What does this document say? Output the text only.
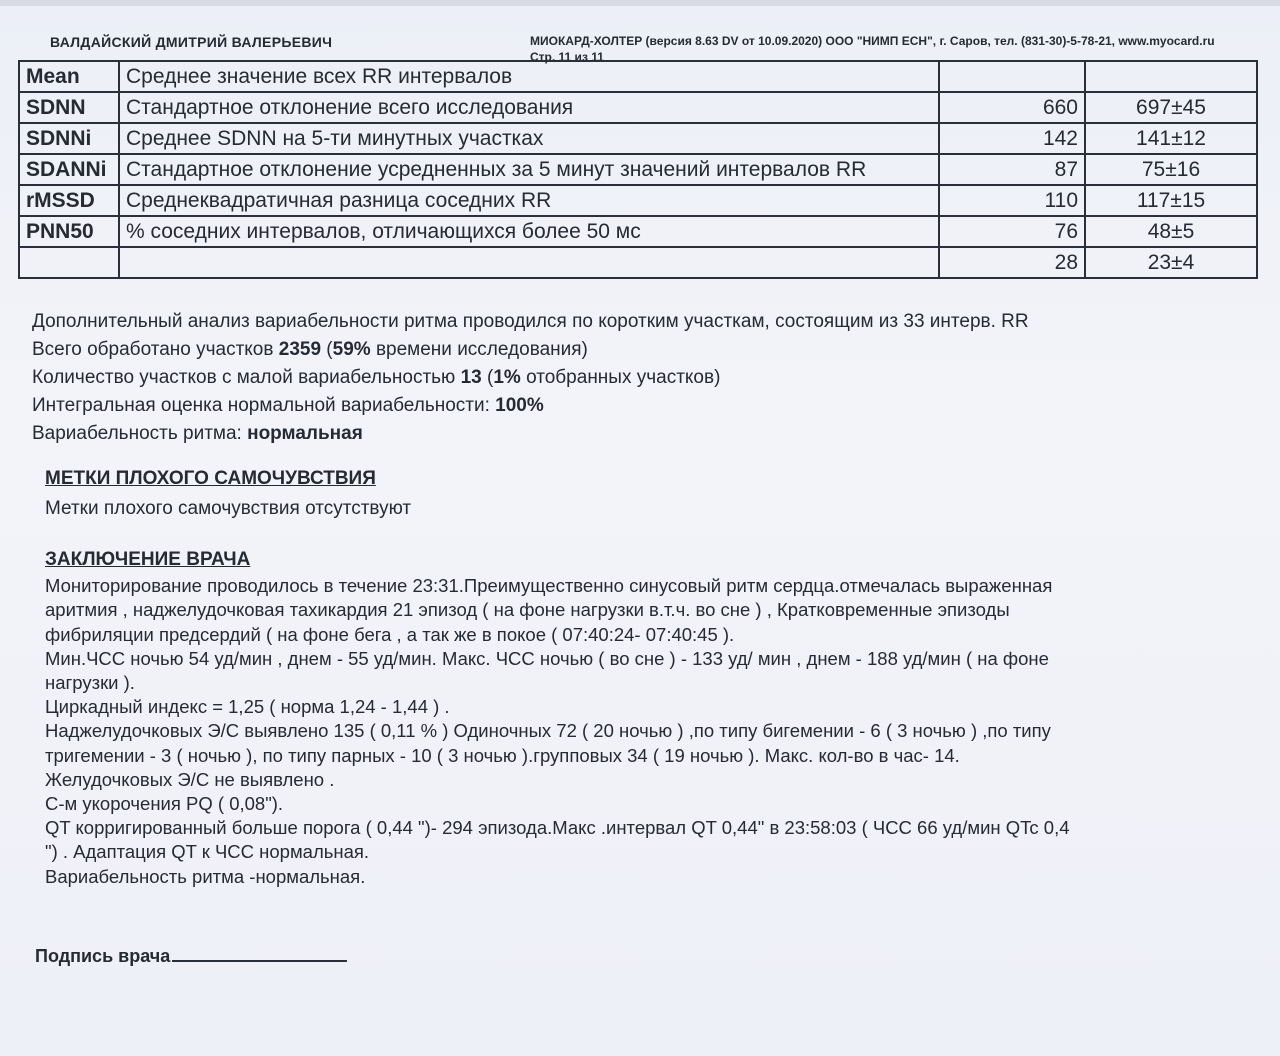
ВАЛДАЙСКИЙ ДМИТРИЙ ВАЛЕРЬЕВИЧ	МИОКАРД-ХОЛТЕР (версия 8.63 DV от 10.09.2020) ООО "НИМП ЕСН", г. Саров, тел. (831-30)-5-78-21, www.myocard.ru
Стр. 11 из 11
Mean	Среднее значение всех RR интервалов		
SDNN	Стандартное отклонение всего исследования	660	697±45
SDNNi	Среднее SDNN на 5-ти минутных участках	142	141±12
SDANNi	Стандартное отклонение усредненных за 5 минут значений интервалов RR	87	75±16
rMSSD	Среднеквадратичная разница соседних RR	110	117±15
PNN50	% соседних интервалов, отличающихся более 50 мс	76	48±5
		28	23±4
Дополнительный анализ вариабельности ритма проводился по коротким участкам, состоящим из 33 интерв. RR
Всего обработано участков 2359 (59% времени исследования)
Количество участков с малой вариабельностью 13 (1% отобранных участков)
Интегральная оценка нормальной вариабельности: 100%
Вариабельность ритма: нормальная
МЕТКИ ПЛОХОГО САМОЧУВСТВИЯ
Метки плохого самочувствия отсутствуют
ЗАКЛЮЧЕНИЕ ВРАЧА

Мониторирование проводилось в течение 23:31.Преимущественно синусовый ритм сердца.отмечалась выраженная

аритмия , наджелудочковая тахикардия 21 эпизод ( на фоне нагрузки в.т.ч. во сне ) , Кратковременные эпизоды

фибриляции предсердий ( на фоне бега , а так же в покое ( 07:40:24- 07:40:45 ).

Мин.ЧСС ночью 54 уд/мин , днем - 55 уд/мин. Макс. ЧСС ночью ( во сне ) - 133 уд/ мин , днем - 188 уд/мин ( на фоне

нагрузки ).

Циркадный индекс = 1,25 ( норма 1,24 - 1,44 ) .

Наджелудочковых Э/С выявлено 135 ( 0,11 % ) Одиночных 72 ( 20 ночью ) ,по типу бигемении - 6 ( 3 ночью ) ,по типу

тригемении - 3 ( ночью ), по типу парных - 10 ( 3 ночью ).групповых 34 ( 19 ночью ). Макс. кол-во в час- 14.

Желудочковых Э/С не выявлено .

С-м укорочения PQ ( 0,08").

QT корригированный больше порога ( 0,44 ")- 294 эпизода.Макс .интервал QT 0,44" в 23:58:03 ( ЧСС 66 уд/мин QTc 0,4

") . Адаптация QT к ЧСС нормальная.

Вариабельность ритма -нормальная.

Подпись врача
